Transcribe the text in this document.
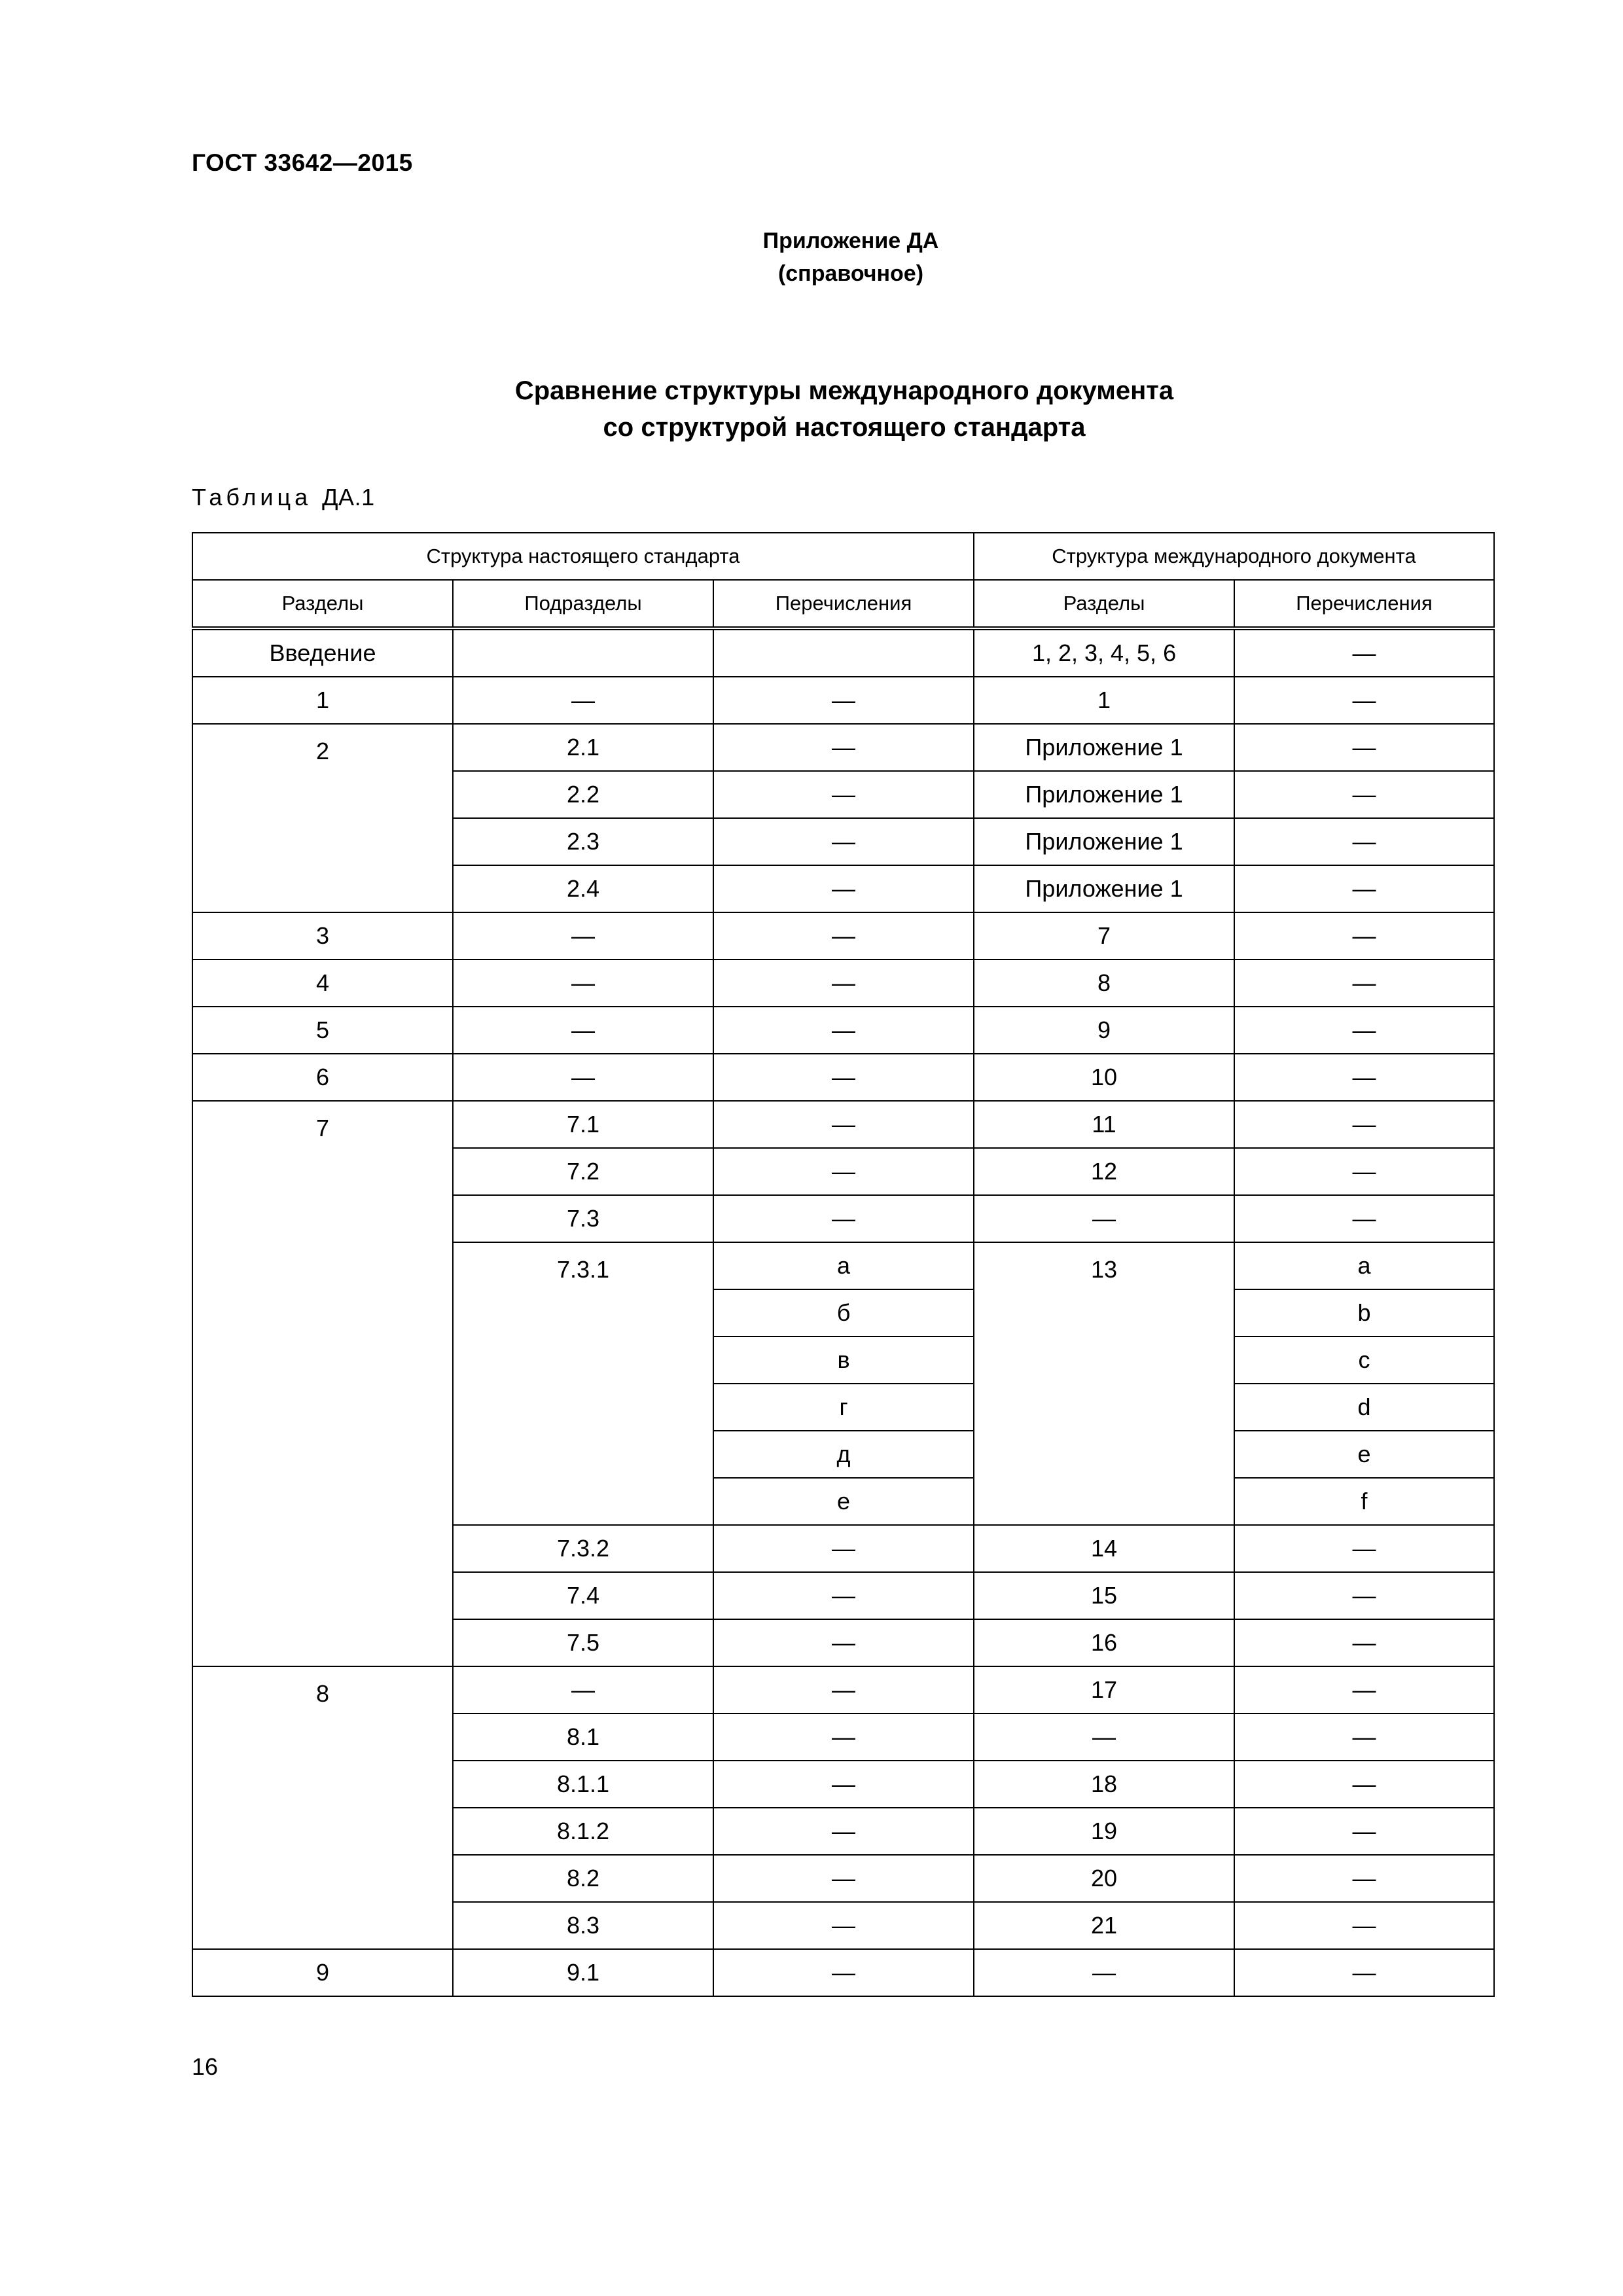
ГОСТ 33642—2015
Приложение ДА
(справочное)
Сравнение структуры международного документа
со структурой настоящего стандарта
Таблица ДА.1
Структура настоящего стандарта			Структура международного документа	
Разделы	Подразделы	Перечисления	Разделы	Перечисления
Введение			1, 2, 3, 4, 5, 6	—
1	—	—	1	—
2	2.1	—	Приложение 1	—
	2.2	—	Приложение 1	—
	2.3	—	Приложение 1	—
	2.4	—	Приложение 1	—
3	—	—	7	—
4	—	—	8	—
5	—	—	9	—
6	—	—	10	—
7	7.1	—	11	—
	7.2	—	12	—
	7.3	—	—	—
	7.3.1	а	13	a
		б		b
		в		c
		г		d
		д		e
		е		f
	7.3.2	—	14	—
	7.4	—	15	—
	7.5	—	16	—
8	—	—	17	—
	8.1	—	—	—
	8.1.1	—	18	—
	8.1.2	—	19	—
	8.2	—	20	—
	8.3	—	21	—
9	9.1	—	—	—
16
